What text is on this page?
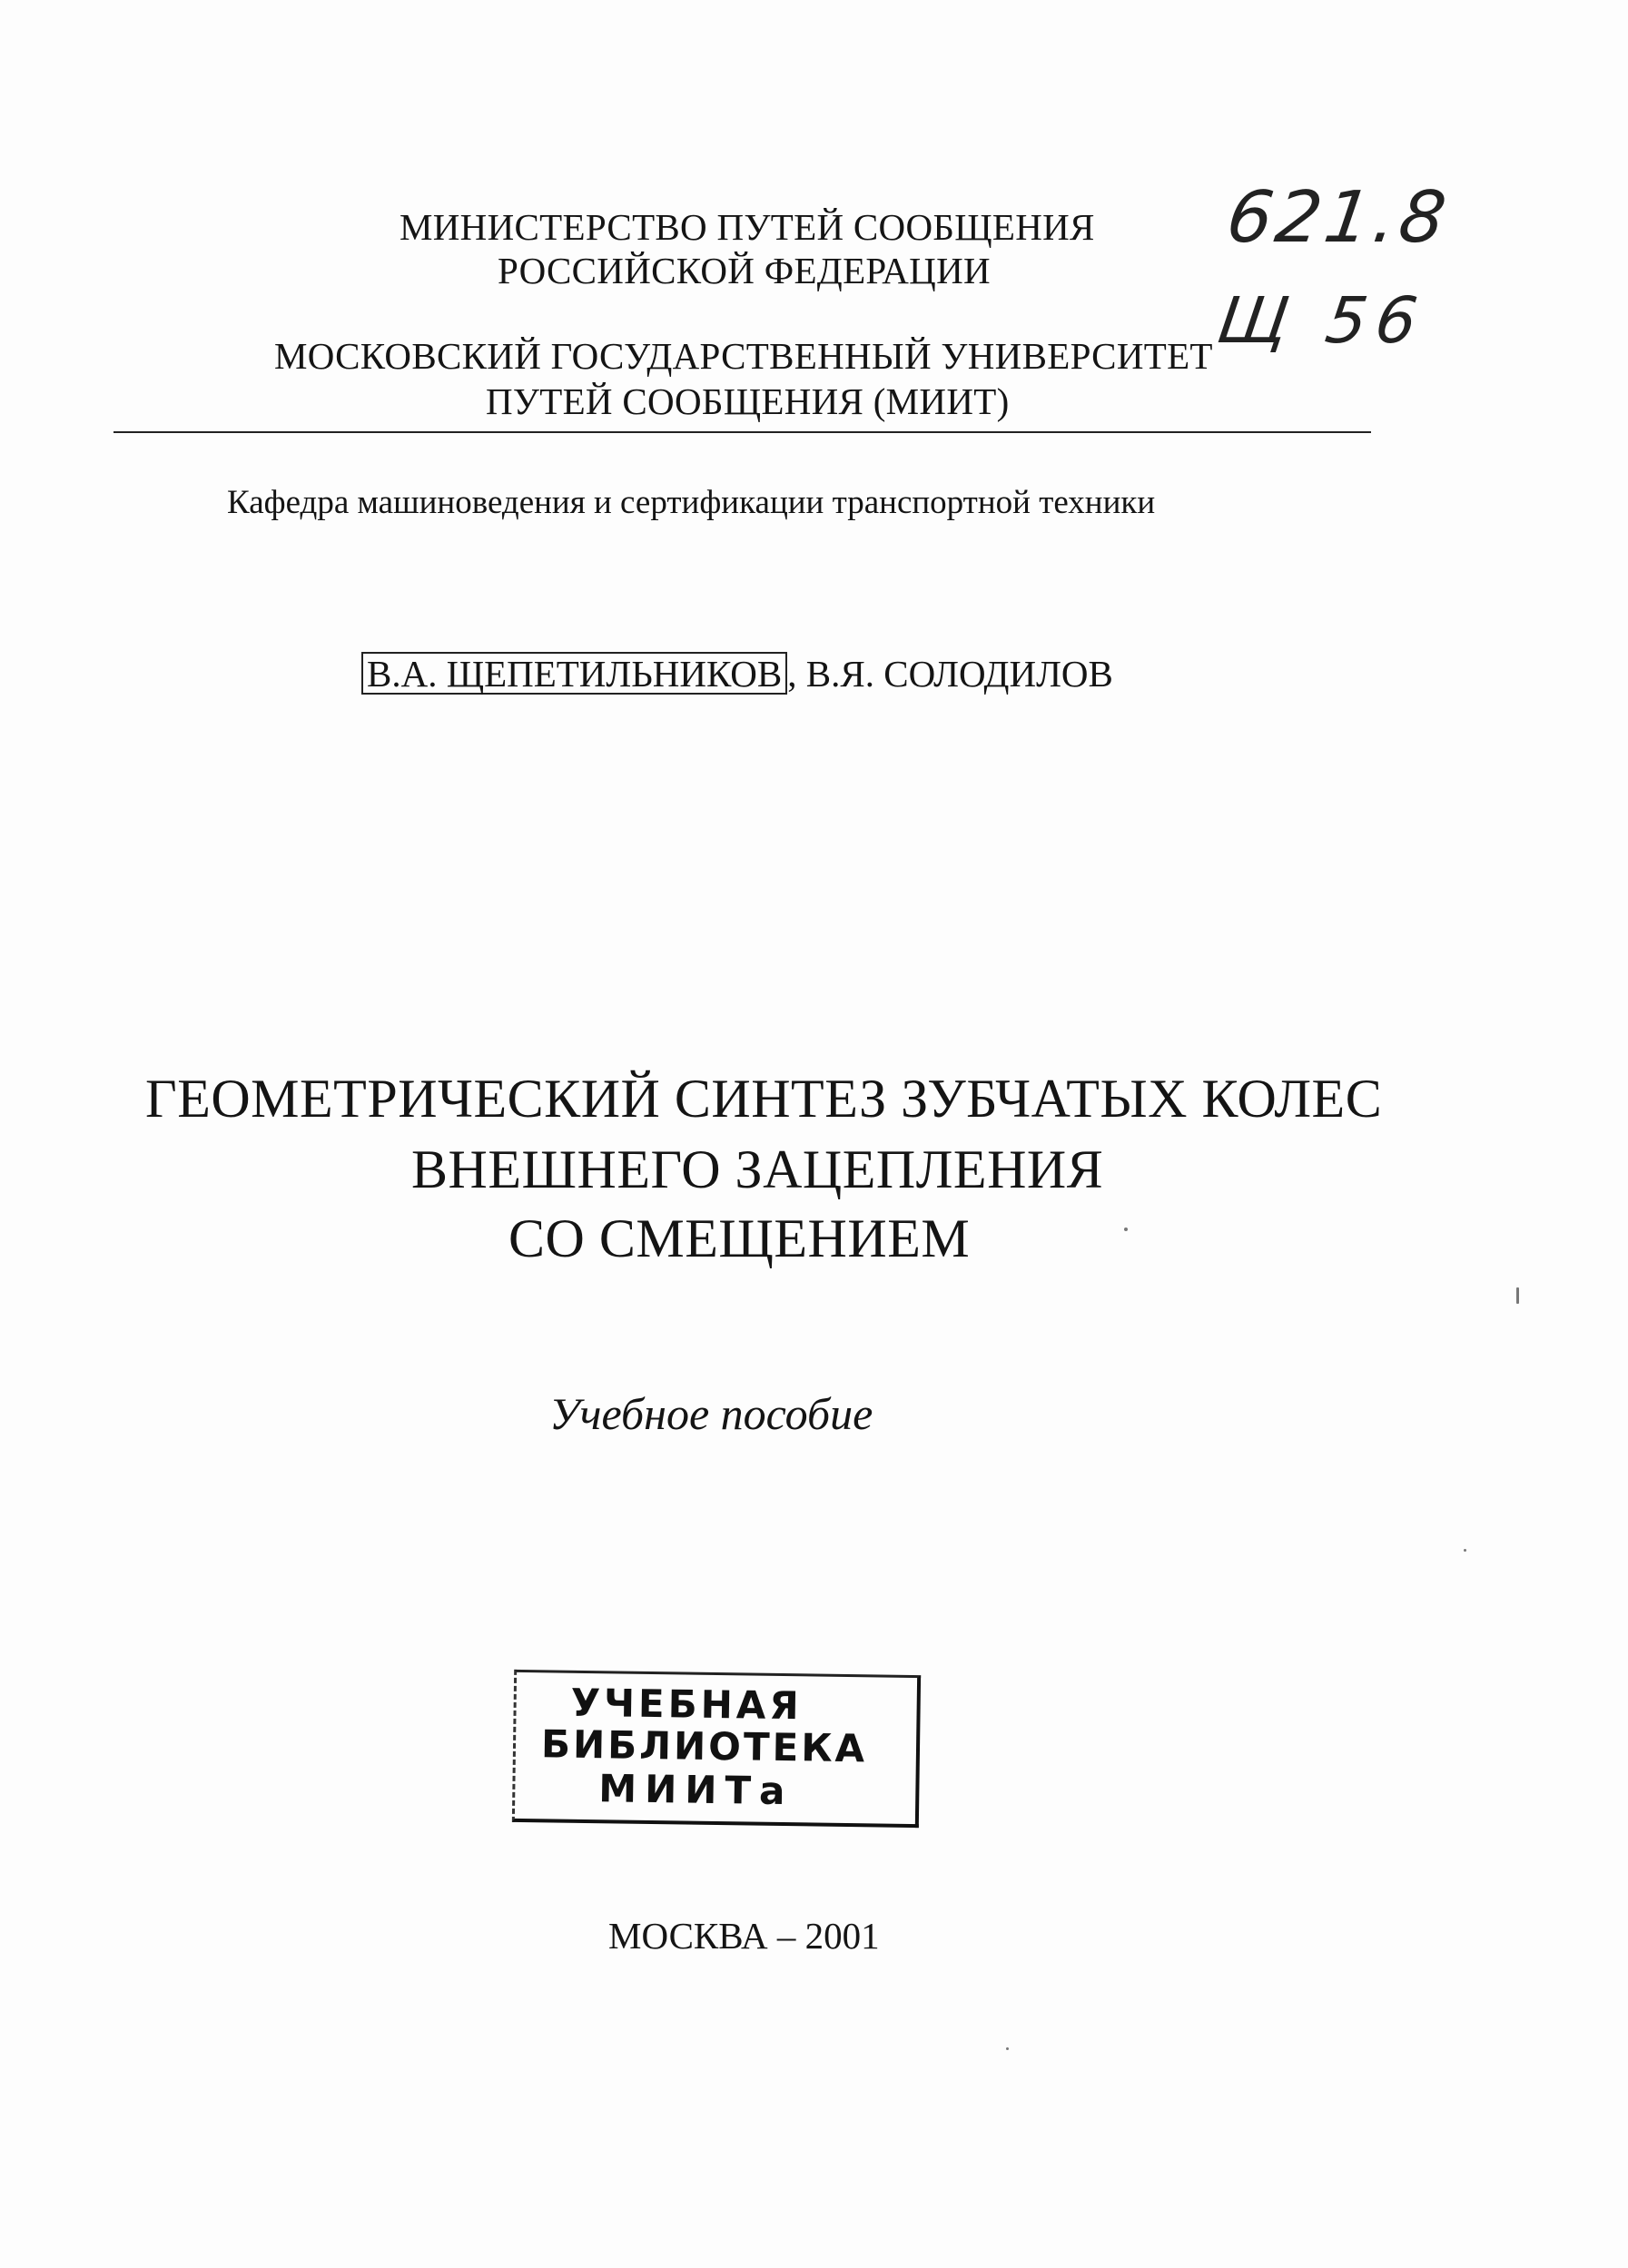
МИНИСТЕРСТВО ПУТЕЙ СООБЩЕНИЯ
РОССИЙСКОЙ ФЕДЕРАЦИИ
МОСКОВСКИЙ ГОСУДАРСТВЕННЫЙ УНИВЕРСИТЕТ
ПУТЕЙ СООБЩЕНИЯ (МИИТ)
621.8
Щ 56
Кафедра машиноведения и сертификации транспортной техники
В.А. ЩЕПЕТИЛЬНИКОВ , В.Я. СОЛОДИЛОВ
ГЕОМЕТРИЧЕСКИЙ СИНТЕЗ ЗУБЧАТЫХ КОЛЕС
ВНЕШНЕГО ЗАЦЕПЛЕНИЯ
СО СМЕЩЕНИЕМ
Учебное пособие
УЧЕБНАЯ
БИБЛИОТЕКА
МИИТа
МОСКВА – 2001
